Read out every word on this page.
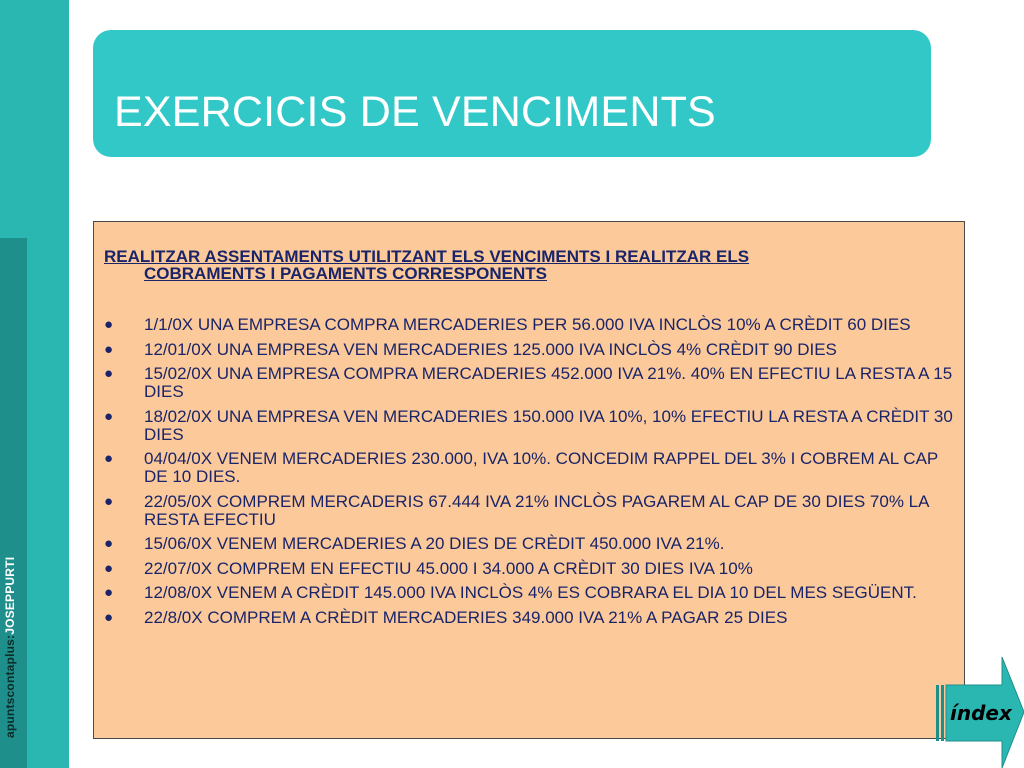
apuntscontaplus:JOSEPPURTI
EXERCICIS DE VENCIMENTS
REALITZAR ASSENTAMENTS UTILITZANT ELS VENCIMENTS I REALITZAR ELS
COBRAMENTS I PAGAMENTS CORRESPONENTS
● 1/1/0X UNA EMPRESA COMPRA MERCADERIES PER 56.000 IVA INCLÒS 10% A CRÈDIT 60 DIES
● 12/01/0X UNA EMPRESA VEN MERCADERIES 125.000 IVA INCLÒS 4% CRÈDIT 90 DIES
● 15/02/0X UNA EMPRESA COMPRA MERCADERIES 452.000 IVA 21%. 40% EN EFECTIU LA RESTA A 15 DIES
● 18/02/0X UNA EMPRESA VEN MERCADERIES 150.000 IVA 10%, 10% EFECTIU LA RESTA A CRÈDIT 30 DIES
● 04/04/0X VENEM MERCADERIES 230.000, IVA 10%. CONCEDIM RAPPEL DEL 3% I COBREM AL CAP DE 10 DIES.
● 22/05/0X COMPREM MERCADERIS 67.444 IVA 21% INCLÒS PAGAREM AL CAP DE 30 DIES 70% LA RESTA EFECTIU
● 15/06/0X VENEM MERCADERIES A 20 DIES DE CRÈDIT 450.000 IVA 21%.
● 22/07/0X COMPREM EN EFECTIU 45.000 I 34.000 A CRÈDIT 30 DIES IVA 10%
● 12/08/0X VENEM A CRÈDIT 145.000 IVA INCLÒS 4% ES COBRARA EL DIA 10 DEL MES SEGÜENT.
● 22/8/0X COMPREM A CRÈDIT MERCADERIES 349.000 IVA 21% A PAGAR 25 DIES
índex
